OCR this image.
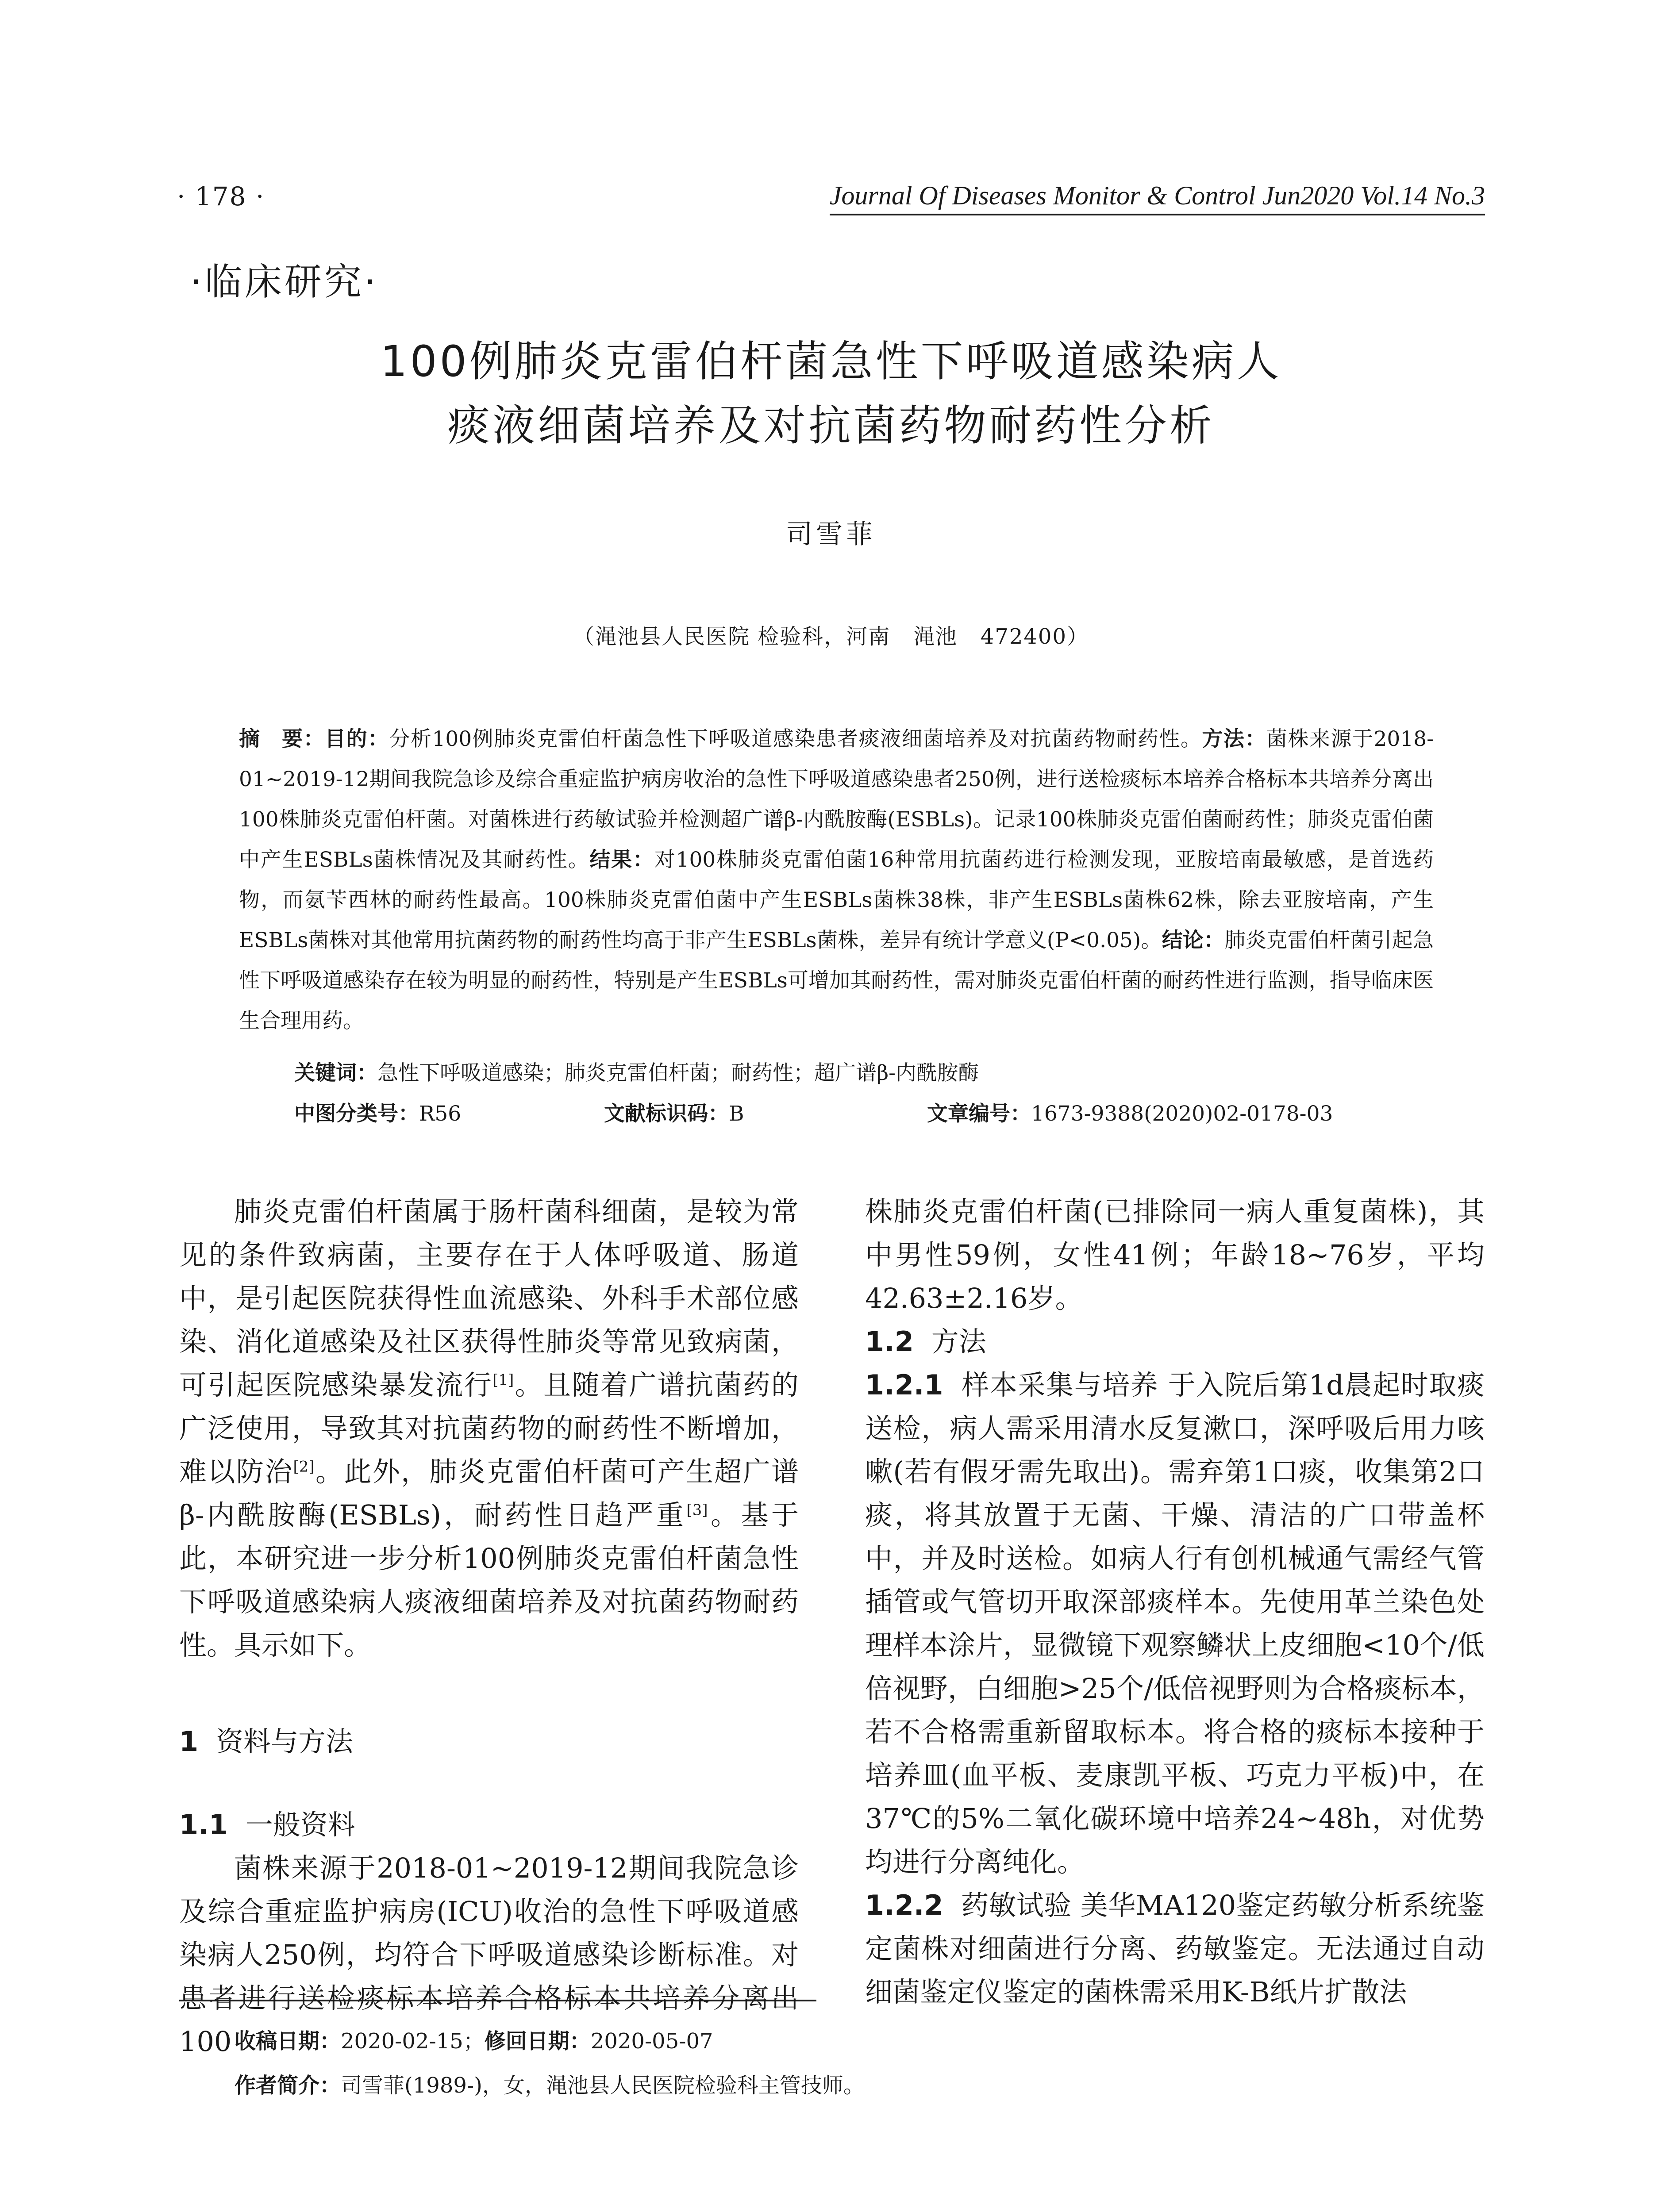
· 178 ·	Journal Of Diseases Monitor & Control Jun2020 Vol.14 No.3
·临床研究·
100例肺炎克雷伯杆菌急性下呼吸道感染病人
痰液细菌培养及对抗菌药物耐药性分析
司雪菲
（渑池县人民医院 检验科，河南   渑池   472400）
摘　要：目的：分析100例肺炎克雷伯杆菌急性下呼吸道感染患者痰液细菌培养及对抗菌药物耐药性。方法：菌株来源于2018-01~2019-12期间我院急诊及综合重症监护病房收治的急性下呼吸道感染患者250例，进行送检痰标本培养合格标本共培养分离出100株肺炎克雷伯杆菌。对菌株进行药敏试验并检测超广谱β-内酰胺酶(ESBLs)。记录100株肺炎克雷伯菌耐药性；肺炎克雷伯菌中产生ESBLs菌株情况及其耐药性。结果：对100株肺炎克雷伯菌16种常用抗菌药进行检测发现，亚胺培南最敏感，是首选药物，而氨苄西林的耐药性最高。100株肺炎克雷伯菌中产生ESBLs菌株38株，非产生ESBLs菌株62株，除去亚胺培南，产生ESBLs菌株对其他常用抗菌药物的耐药性均高于非产生ESBLs菌株，差异有统计学意义(P<0.05)。结论：肺炎克雷伯杆菌引起急性下呼吸道感染存在较为明显的耐药性，特别是产生ESBLs可增加其耐药性，需对肺炎克雷伯杆菌的耐药性进行监测，指导临床医生合理用药。
关键词：急性下呼吸道感染；肺炎克雷伯杆菌；耐药性；超广谱β-内酰胺酶
中图分类号：R56	文献标识码：B	文章编号：1673-9388(2020)02-0178-03

肺炎克雷伯杆菌属于肠杆菌科细菌，是较为常见的条件致病菌，主要存在于人体呼吸道、肠道中，是引起医院获得性血流感染、外科手术部位感染、消化道感染及社区获得性肺炎等常见致病菌，可引起医院感染暴发流行[1]。且随着广谱抗菌药的广泛使用，导致其对抗菌药物的耐药性不断增加，难以防治[2]。此外，肺炎克雷伯杆菌可产生超广谱β-内酰胺酶(ESBLs)，耐药性日趋严重[3]。基于此，本研究进一步分析100例肺炎克雷伯杆菌急性下呼吸道感染病人痰液细菌培养及对抗菌药物耐药性。具示如下。

1 资料与方法

1.1 一般资料

菌株来源于2018-01~2019-12期间我院急诊及综合重症监护病房(ICU)收治的急性下呼吸道感染病人250例，均符合下呼吸道感染诊断标准。对患者进行送检痰标本培养合格标本共培养分离出100

株肺炎克雷伯杆菌(已排除同一病人重复菌株)，其中男性59例，女性41例；年龄18~76岁，平均42.63±2.16岁。

1.2 方法

1.2.1 样本采集与培养 于入院后第1d晨起时取痰送检，病人需采用清水反复漱口，深呼吸后用力咳嗽(若有假牙需先取出)。需弃第1口痰，收集第2口痰，将其放置于无菌、干燥、清洁的广口带盖杯中，并及时送检。如病人行有创机械通气需经气管插管或气管切开取深部痰样本。先使用革兰染色处理样本涂片，显微镜下观察鳞状上皮细胞<10个/低倍视野，白细胞>25个/低倍视野则为合格痰标本，若不合格需重新留取标本。将合格的痰标本接种于培养皿(血平板、麦康凯平板、巧克力平板)中，在37℃的5%二氧化碳环境中培养24~48h，对优势均进行分离纯化。

1.2.2 药敏试验 美华MA120鉴定药敏分析系统鉴定菌株对细菌进行分离、药敏鉴定。无法通过自动细菌鉴定仪鉴定的菌株需采用K-B纸片扩散法

收稿日期：2020-02-15；修回日期：2020-05-07
作者简介：司雪菲(1989-)，女，渑池县人民医院检验科主管技师。
